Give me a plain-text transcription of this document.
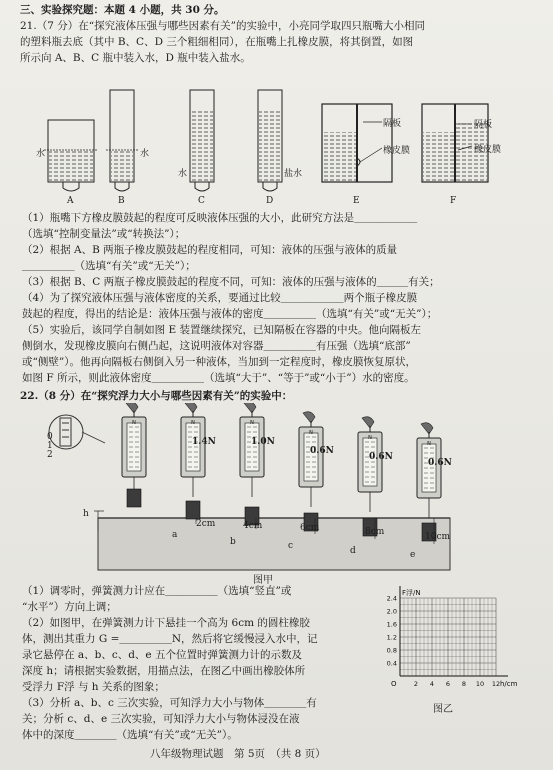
三、实验探究题：本题 4 小题，共 30 分。
21.（7 分）在“探究液体压强与哪些因素有关”的实验中，小亮同学取四只瓶嘴大小相同
的塑料瓶去底（其中 B、C、D 三个粗细相同），在瓶嘴上扎橡皮膜，将其倒置，如图
所示向 A、B、C 瓶中装入水，D 瓶中装入盐水。
水	水
水	盐水
隔板
橡皮膜
隔板
橡皮膜
A	B	C	D	E	F
（1）瓶嘴下方橡皮膜鼓起的程度可反映液体压强的大小，此研究方法是＿＿＿＿＿＿
（选填“控制变量法”或“转换法”）；
（2）根据 A、B 两瓶子橡皮膜鼓起的程度相同，可知：液体的压强与液体的质量
＿＿＿＿＿（选填“有关”或“无关”）；
（3）根据 B、C 两瓶子橡皮膜鼓起的程度不同，可知：液体的压强与液体的＿＿＿有关；
（4）为了探究液体压强与液体密度的关系，要通过比较＿＿＿＿＿＿两个瓶子橡皮膜
鼓起的程度，得出的结论是：液体压强与液体的密度＿＿＿＿＿（选填“有关”或“无关”）；
（5）实验后，该同学自制如图 E 装置继续探究，已知隔板在容器的中央。他向隔板左
侧倒水，发现橡皮膜向右侧凸起，这说明液体对容器＿＿＿＿＿有压强（选填“底部”
或“侧壁”）。他再向隔板右侧倒入另一种液体，当加到一定程度时，橡皮膜恢复原状，
如图 F 所示，则此液体密度＿＿＿＿＿（选填“大于”、“等于”或“小于”）水的密度。
22.（8 分）在“探究浮力大小与哪些因素有关”的实验中：
N	N	N
N
N
N
h
0
1
2
1.4N	1.0N
0.6N
0.6N
0.6N
2cm	4cm	6cm	8cm	10cm
a
b	c	d	e
图甲
（1）调零时，弹簧测力计应在＿＿＿＿＿（选填“竖直”或
“水平”）方向上调；
（2）如图甲，在弹簧测力计下悬挂一个高为 6cm 的圆柱橡胶
体，测出其重力 G =＿＿＿＿＿N，然后将它缓慢浸入水中，记
录它悬停在 a、b、c、d、e 五个位置时弹簧测力计的示数及
深度 h；请根据实验数据，用描点法，在图乙中画出橡胶体所
受浮力 F浮 与 h 关系的图象；
（3）分析 a、b、c 三次实验，可知浮力大小与物体＿＿＿＿有
关；分析 c、d、e 三次实验，可知浮力大小与物体浸没在液
体中的深度＿＿＿＿（选填“有关”或“无关”）。
F浮/N
h/cm
O	2 4 6 8 10 12
0.4
0.8
1.2
1.6
2.0
2.4
图乙
八年级物理试题　第 5页　（共 8 页）
